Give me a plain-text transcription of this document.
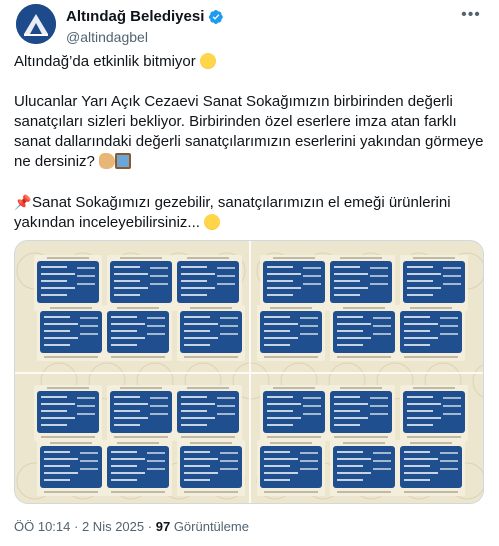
Altındağ Belediyesi
@altindagbel
•••

Altındağ’da etkinlik bitmiyor

Ulucanlar Yarı Açık Cezaevi Sanat Sokağımızın birbirinden değerli sanatçıları sizleri bekliyor. Birbirinden özel eserlere imza atan farklı sanat dallarındaki değerli sanatçılarımızın eserlerini yakından görmeye ne dersiniz?

📌Sanat Sokağımızı gezebilir, sanatçılarımızın el emeği ürünlerini yakından inceleyebilirsiniz...

ÖÖ 10:14 · 2 Nis 2025 · 97 Görüntüleme
